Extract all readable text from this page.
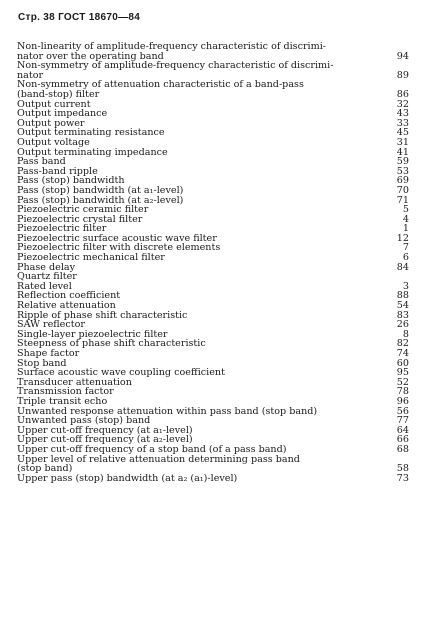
Стр. 38 ГОСТ 18670—84
Non-linearity of amplitude-frequency characteristic of discrimi-
nator over the operating band	94
Non-symmetry of amplitude-frequency characteristic of discrimi-
nator	89
Non-symmetry of attenuation characteristic of a band-pass
(band-stop) filter	86
Output current	32
Output impedance	43
Output power	33
Output terminating resistance	45
Output voltage	31
Output terminating impedance	41
Pass band	59
Pass-band ripple	53
Pass (stop) bandwidth	69
Pass (stop) bandwidth (at a₁-level)	70
Pass (stop) bandwidth (at a₂-level)	71
Piezoelectric ceramic filter	5
Piezoelectric crystal filter	4
Piezoelectric filter	1
Piezoelectric surface acoustic wave filter	12
Piezoelectric filter with discrete elements	7
Piezoelectric mechanical filter	6
Phase delay	84
Quartz filter
Rated level	3
Reflection coefficient	88
Relative attenuation	54
Ripple of phase shift characteristic	83
SAW reflector	26
Single-layer piezoelectric filter	8
Steepness of phase shift characteristic	82
Shape factor	74
Stop band	60
Surface acoustic wave coupling coefficient	95
Transducer attenuation	52
Transmission factor	78
Triple transit echo	96
Unwanted response attenuation within pass band (stop band)	56
Unwanted pass (stop) band	77
Upper cut-off frequency (at a₁-level)	64
Upper cut-off frequency (at a₂-level)	66
Upper cut-off frequency of a stop band (of a pass band)	68
Upper level of relative attenuation determining pass band
(stop band)	58
Upper pass (stop) bandwidth (at a₂ (a₁)-level)	73
